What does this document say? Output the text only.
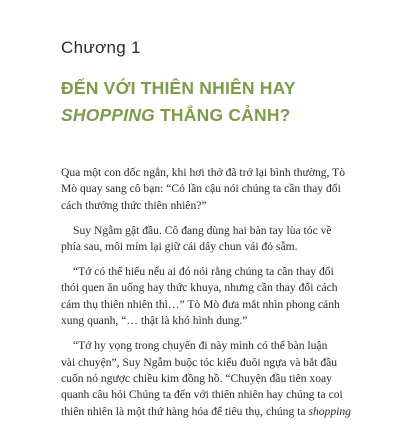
Chương 1
ĐẾN VỚI THIÊN NHIÊN HAY
SHOPPING THẮNG CẢNH?

Qua một con dốc ngắn, khi hơi thở đã trở lại bình thường, Tò
Mò quay sang cô bạn: “Có lần cậu nói chúng ta cần thay đổi
cách thưởng thức thiên nhiên?”

Suy Ngẫm gật đầu. Cô đang dùng hai bàn tay lùa tóc về
phía sau, môi mím lại giữ cái dây chun vải đỏ sẫm.

“Tớ có thể hiểu nếu ai đó nói rằng chúng ta cần thay đổi
thói quen ăn uống hay thức khuya, nhưng cần thay đổi cách
cảm thụ thiên nhiên thì…” Tò Mò đưa mắt nhìn phong cảnh
xung quanh, “… thật là khó hình dung.”

“Tớ hy vọng trong chuyến đi này mình có thể bàn luận
vài chuyện”, Suy Ngẫm buộc tóc kiểu đuôi ngựa và bắt đầu
cuốn nó ngược chiều kim đồng hồ. “Chuyện đầu tiên xoay
quanh câu hỏi Chúng ta đến với thiên nhiên hay chúng ta coi
thiên nhiên là một thứ hàng hóa để tiêu thụ, chúng ta shopping
